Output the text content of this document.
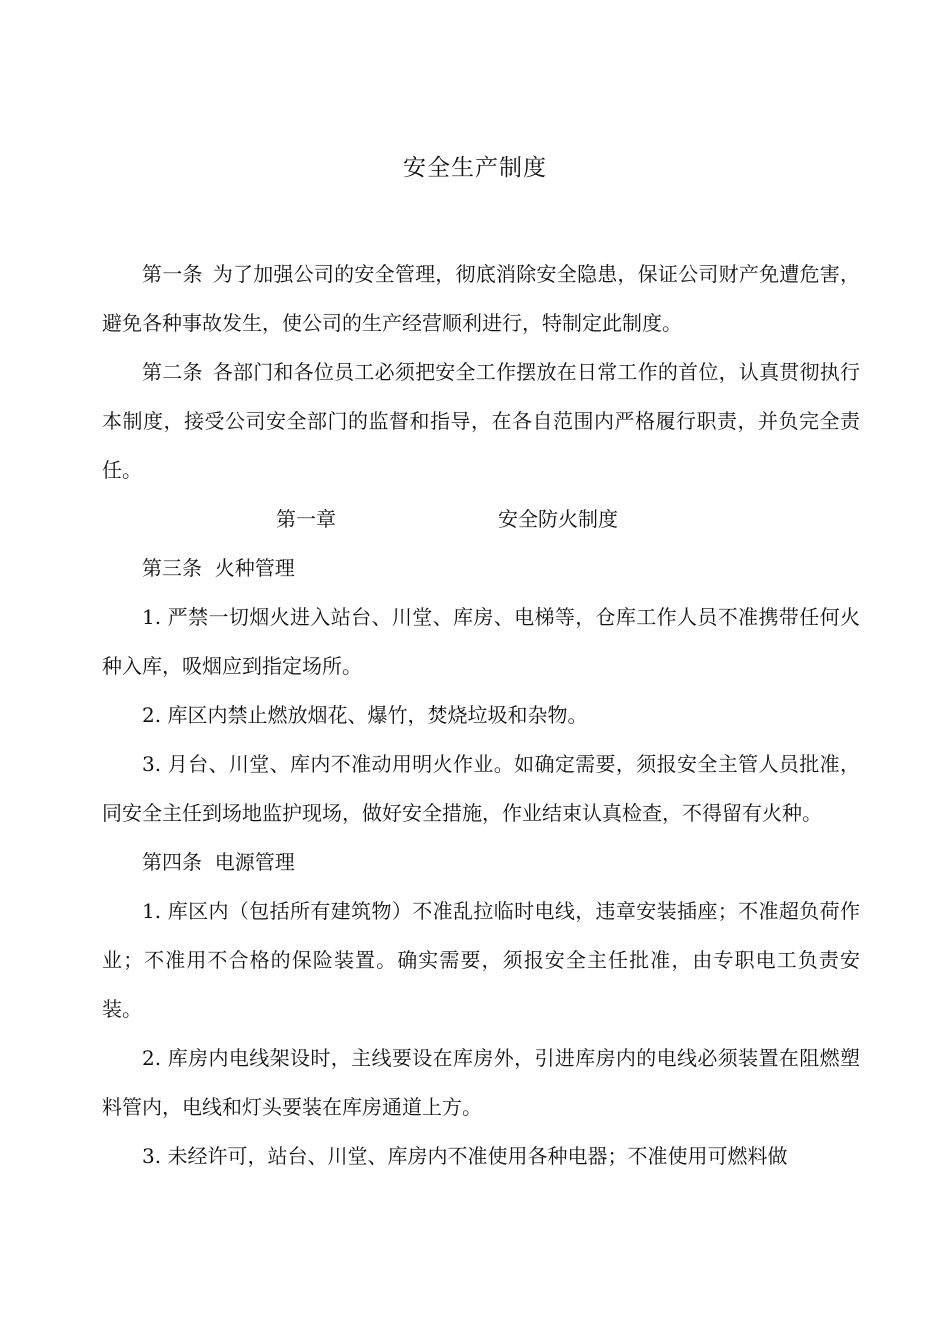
安全生产制度

第一条 为了加强公司的安全管理，彻底消除安全隐患，保证公司财产免遭危害，避免各种事故发生，使公司的生产经营顺利进行，特制定此制度。

第二条 各部门和各位员工必须把安全工作摆放在日常工作的首位，认真贯彻执行本制度，接受公司安全部门的监督和指导，在各自范围内严格履行职责，并负完全责任。

第一章	安全防火制度

第三条  火种管理

1. 严禁一切烟火进入站台、川堂、库房、电梯等，仓库工作人员不准携带任何火种入库，吸烟应到指定场所。

2. 库区内禁止燃放烟花、爆竹，焚烧垃圾和杂物。

3. 月台、川堂、库内不准动用明火作业。如确定需要，须报安全主管人员批准，同安全主任到场地监护现场，做好安全措施，作业结束认真检查，不得留有火种。

第四条  电源管理

1. 库区内（包括所有建筑物）不准乱拉临时电线，违章安装插座；不准超负荷作业；不准用不合格的保险装置。确实需要，须报安全主任批准，由专职电工负责安装。

2. 库房内电线架设时，主线要设在库房外，引进库房内的电线必须装置在阻燃塑料管内，电线和灯头要装在库房通道上方。

3. 未经许可，站台、川堂、库房内不准使用各种电器；不准使用可燃料做
